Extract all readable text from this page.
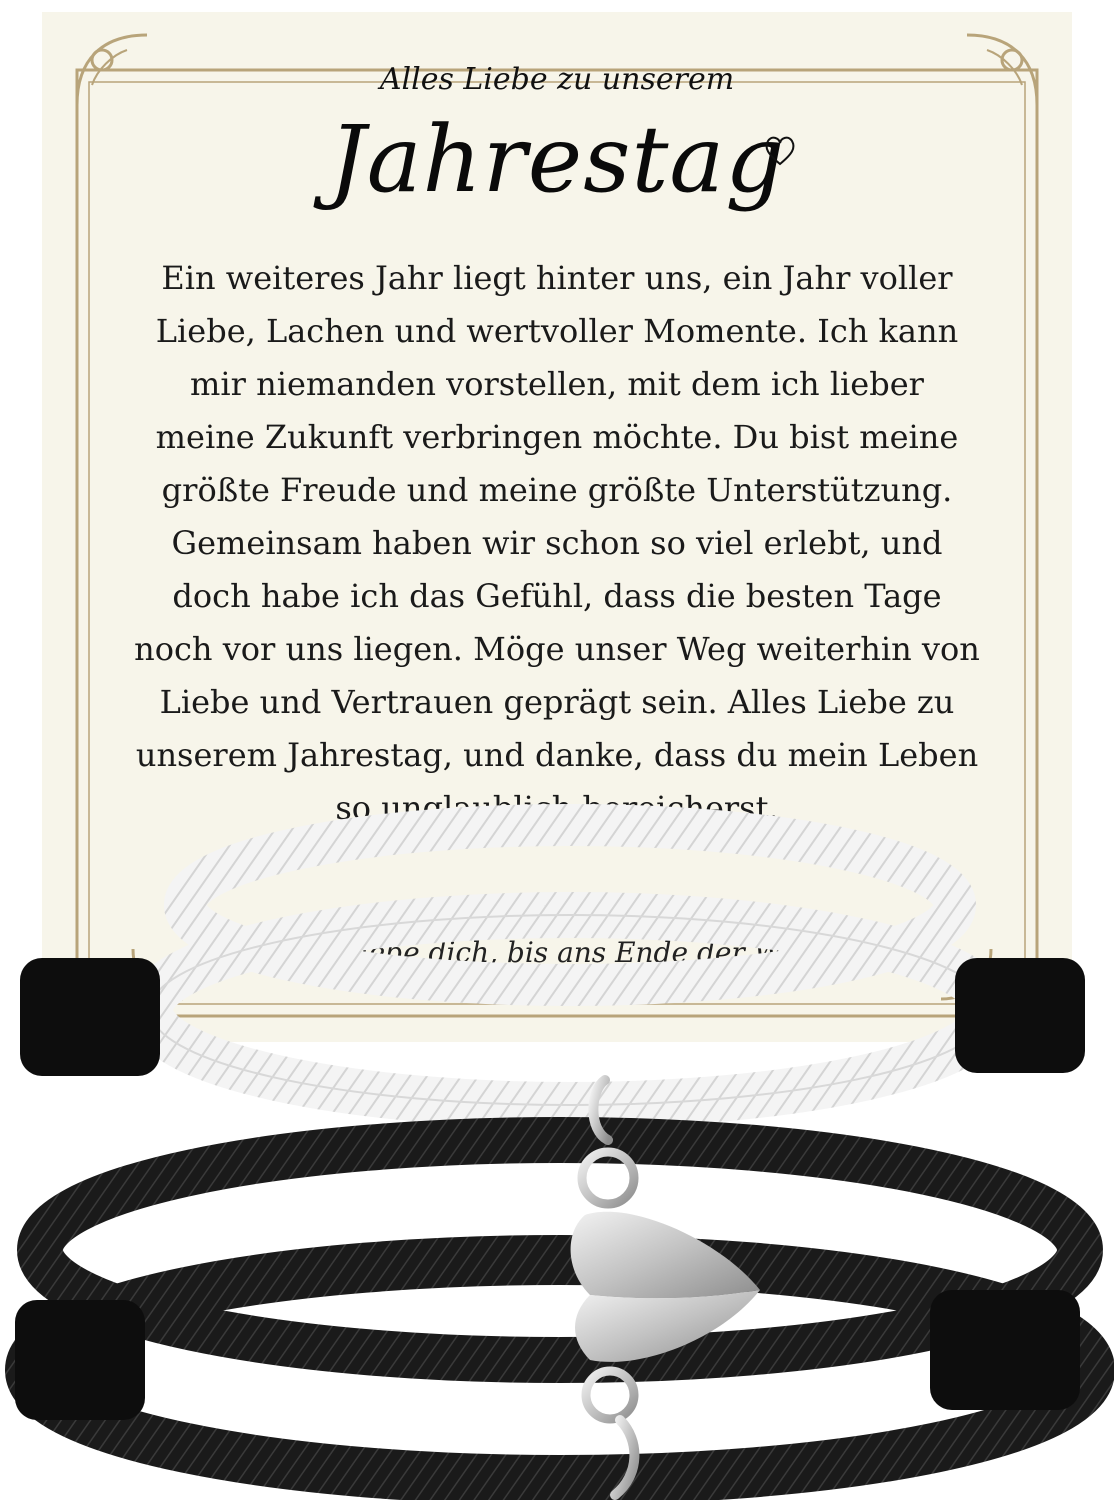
Alles Liebe zu unserem
Jahrestag
Ein weiteres Jahr liegt hinter uns, ein Jahr voller
Liebe, Lachen und wertvoller Momente. Ich kann
mir niemanden vorstellen, mit dem ich lieber
meine Zukunft verbringen möchte. Du bist meine
größte Freude und meine größte Unterstützung.
Gemeinsam haben wir schon so viel erlebt, und
doch habe ich das Gefühl, dass die besten Tage
noch vor uns liegen. Möge unser Weg weiterhin von
Liebe und Vertrauen geprägt sein. Alles Liebe zu
unserem Jahrestag, und danke, dass du mein Leben
so unglaublich bereicherst.
Ich liebe dich, bis ans Ende der Welt
